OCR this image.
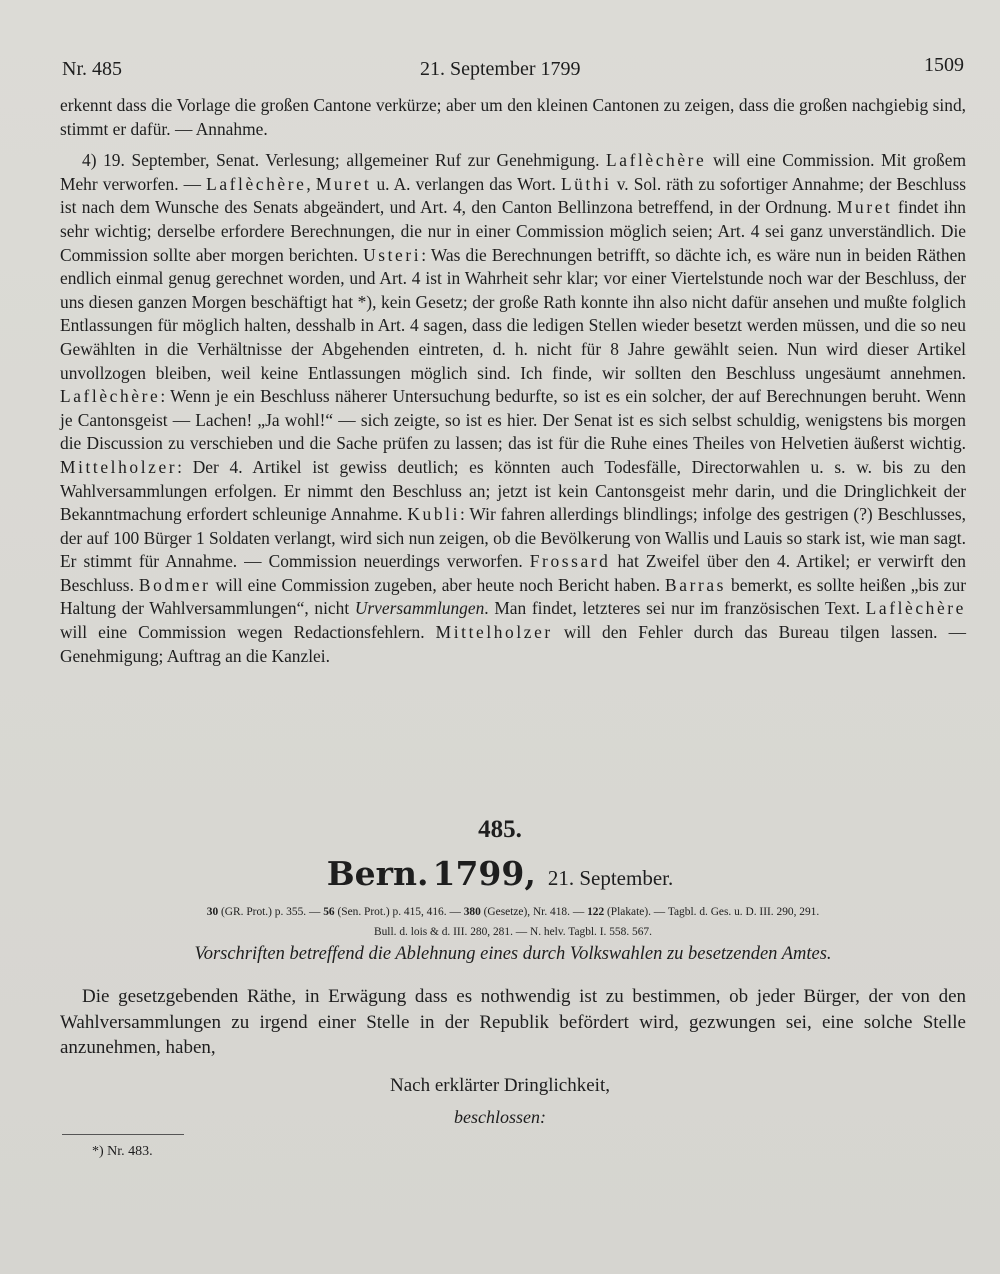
Nr. 485	21. September 1799	1509

erkennt dass die Vorlage die großen Cantone verkürze; aber um den kleinen Cantonen zu zeigen, dass die großen nachgiebig sind, stimmt er dafür. — Annahme.

4) 19. September, Senat. Verlesung; allgemeiner Ruf zur Genehmigung. Laflèchère will eine Commission. Mit großem Mehr verworfen. — Laflèchère, Muret u. A. verlangen das Wort. Lüthi v. Sol. räth zu sofortiger Annahme; der Beschluss ist nach dem Wunsche des Senats abgeändert, und Art. 4, den Canton Bellinzona betreffend, in der Ordnung. Muret findet ihn sehr wichtig; derselbe erfordere Berechnungen, die nur in einer Commission möglich seien; Art. 4 sei ganz unverständlich. Die Commission sollte aber morgen berichten. Usteri: Was die Berechnungen betrifft, so dächte ich, es wäre nun in beiden Räthen endlich einmal genug gerechnet worden, und Art. 4 ist in Wahrheit sehr klar; vor einer Viertelstunde noch war der Beschluss, der uns diesen ganzen Morgen beschäftigt hat *), kein Gesetz; der große Rath konnte ihn also nicht dafür ansehen und mußte folglich Entlassungen für möglich halten, desshalb in Art. 4 sagen, dass die ledigen Stellen wieder besetzt werden müssen, und die so neu Gewählten in die Verhältnisse der Abgehenden eintreten, d. h. nicht für 8 Jahre gewählt seien. Nun wird dieser Artikel unvollzogen bleiben, weil keine Entlassungen möglich sind. Ich finde, wir sollten den Beschluss ungesäumt annehmen. Laflèchère: Wenn je ein Beschluss näherer Untersuchung bedurfte, so ist es ein solcher, der auf Berechnungen beruht. Wenn je Cantonsgeist — Lachen! „Ja wohl!“ — sich zeigte, so ist es hier. Der Senat ist es sich selbst schuldig, wenigstens bis morgen die Discussion zu verschieben und die Sache prüfen zu lassen; das ist für die Ruhe eines Theiles von Helvetien äußerst wichtig. Mittelholzer: Der 4. Artikel ist gewiss deutlich; es könnten auch Todesfälle, Directorwahlen u. s. w. bis zu den Wahlversammlungen erfolgen. Er nimmt den Beschluss an; jetzt ist kein Cantonsgeist mehr darin, und die Dringlichkeit der Bekanntmachung erfordert schleunige Annahme. Kubli: Wir fahren allerdings blindlings; infolge des gestrigen (?) Beschlusses, der auf 100 Bürger 1 Soldaten verlangt, wird sich nun zeigen, ob die Bevölkerung von Wallis und Lauis so stark ist, wie man sagt. Er stimmt für Annahme. — Commission neuerdings verworfen. Frossard hat Zweifel über den 4. Artikel; er verwirft den Beschluss. Bodmer will eine Commission zugeben, aber heute noch Bericht haben. Barras bemerkt, es sollte heißen „bis zur Haltung der Wahlversammlungen“, nicht Urversammlungen. Man findet, letzteres sei nur im französischen Text. Laflèchère will eine Commission wegen Redactionsfehlern. Mittelholzer will den Fehler durch das Bureau tilgen lassen. — Genehmigung; Auftrag an die Kanzlei.

485.
Bern. 1799, 21. September.
30 (GR. Prot.) p. 355. — 56 (Sen. Prot.) p. 415, 416. — 380 (Gesetze), Nr. 418. — 122 (Plakate). — Tagbl. d. Ges. u. D. III. 290, 291.
Bull. d. lois & d. III. 280, 281. — N. helv. Tagbl. I. 558. 567.
Vorschriften betreffend die Ablehnung eines durch Volkswahlen zu besetzenden Amtes.

Die gesetzgebenden Räthe, in Erwägung dass es nothwendig ist zu bestimmen, ob jeder Bürger, der von den Wahlversammlungen zu irgend einer Stelle in der Republik befördert wird, gezwungen sei, eine solche Stelle anzunehmen, haben,

Nach erklärter Dringlichkeit,
beschlossen:
*) Nr. 483.
